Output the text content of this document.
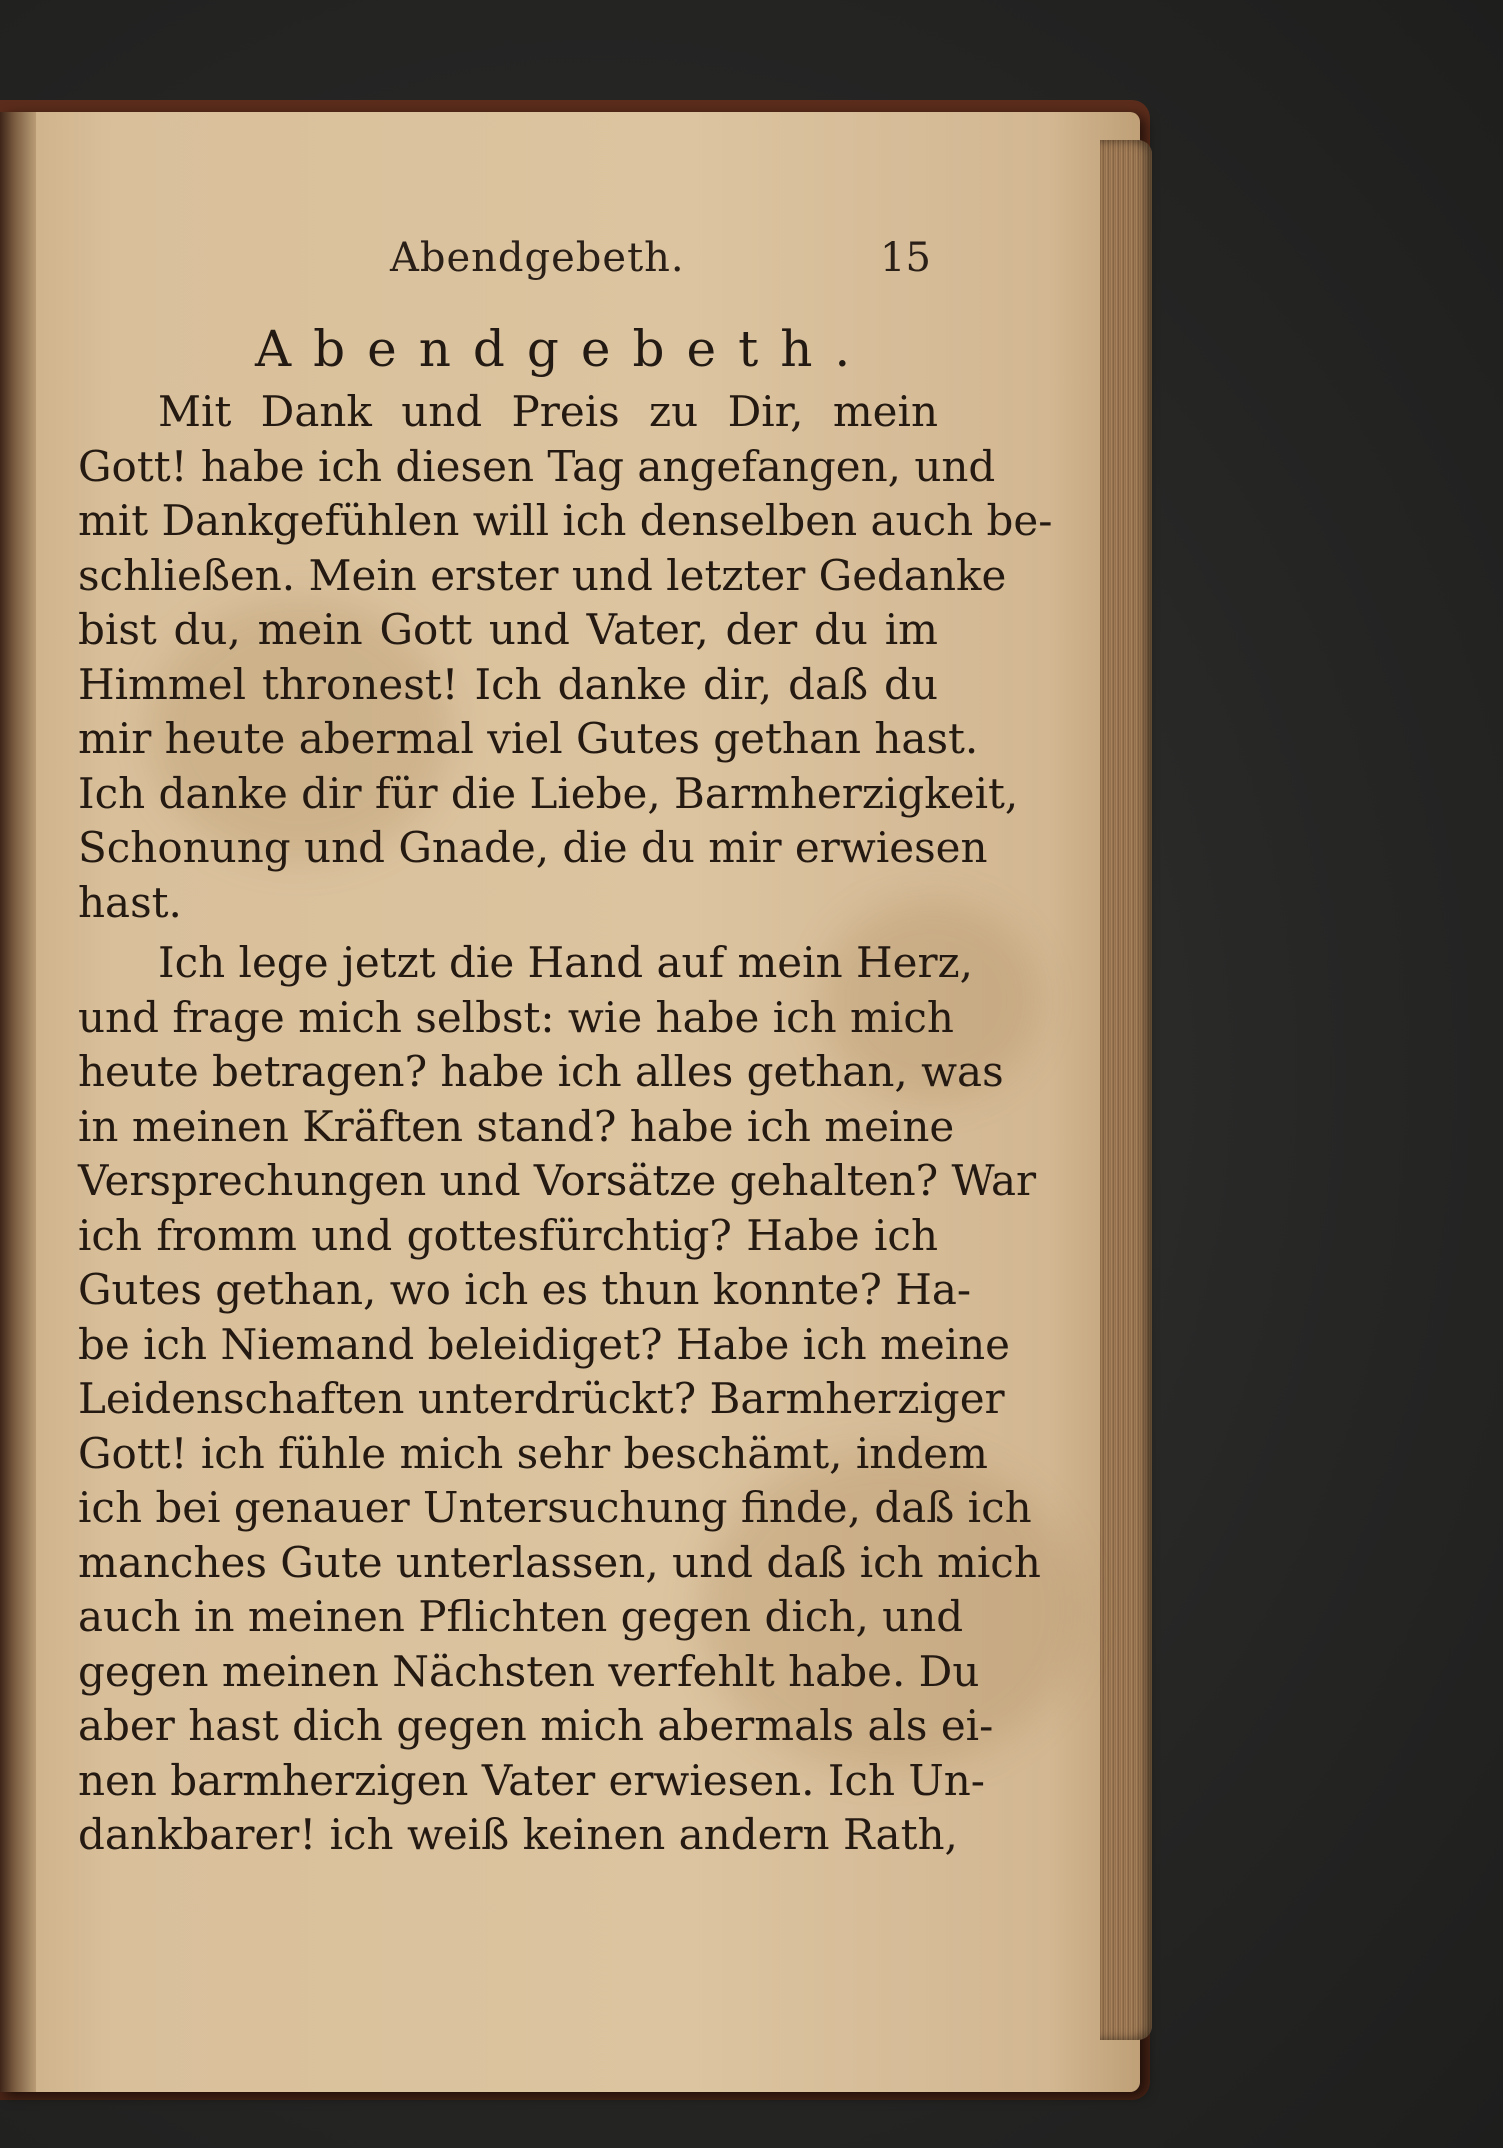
Abendgebeth.	15
Abendgebeth.
Mit Dank und Preis zu Dir, mein
Gott! habe ich diesen Tag angefangen, und
mit Dankgefühlen will ich denselben auch be-
schließen. Mein erster und letzter Gedanke
bist du, mein Gott und Vater, der du im
Himmel thronest! Ich danke dir, daß du
mir heute abermal viel Gutes gethan hast.
Ich danke dir für die Liebe, Barmherzigkeit,
Schonung und Gnade, die du mir erwiesen
hast.
Ich lege jetzt die Hand auf mein Herz,
und frage mich selbst: wie habe ich mich
heute betragen? habe ich alles gethan, was
in meinen Kräften stand? habe ich meine
Versprechungen und Vorsätze gehalten? War
ich fromm und gottesfürchtig? Habe ich
Gutes gethan, wo ich es thun konnte? Ha-
be ich Niemand beleidiget? Habe ich meine
Leidenschaften unterdrückt? Barmherziger
Gott! ich fühle mich sehr beschämt, indem
ich bei genauer Untersuchung finde, daß ich
manches Gute unterlassen, und daß ich mich
auch in meinen Pflichten gegen dich, und
gegen meinen Nächsten verfehlt habe. Du
aber hast dich gegen mich abermals als ei-
nen barmherzigen Vater erwiesen. Ich Un-
dankbarer! ich weiß keinen andern Rath,
